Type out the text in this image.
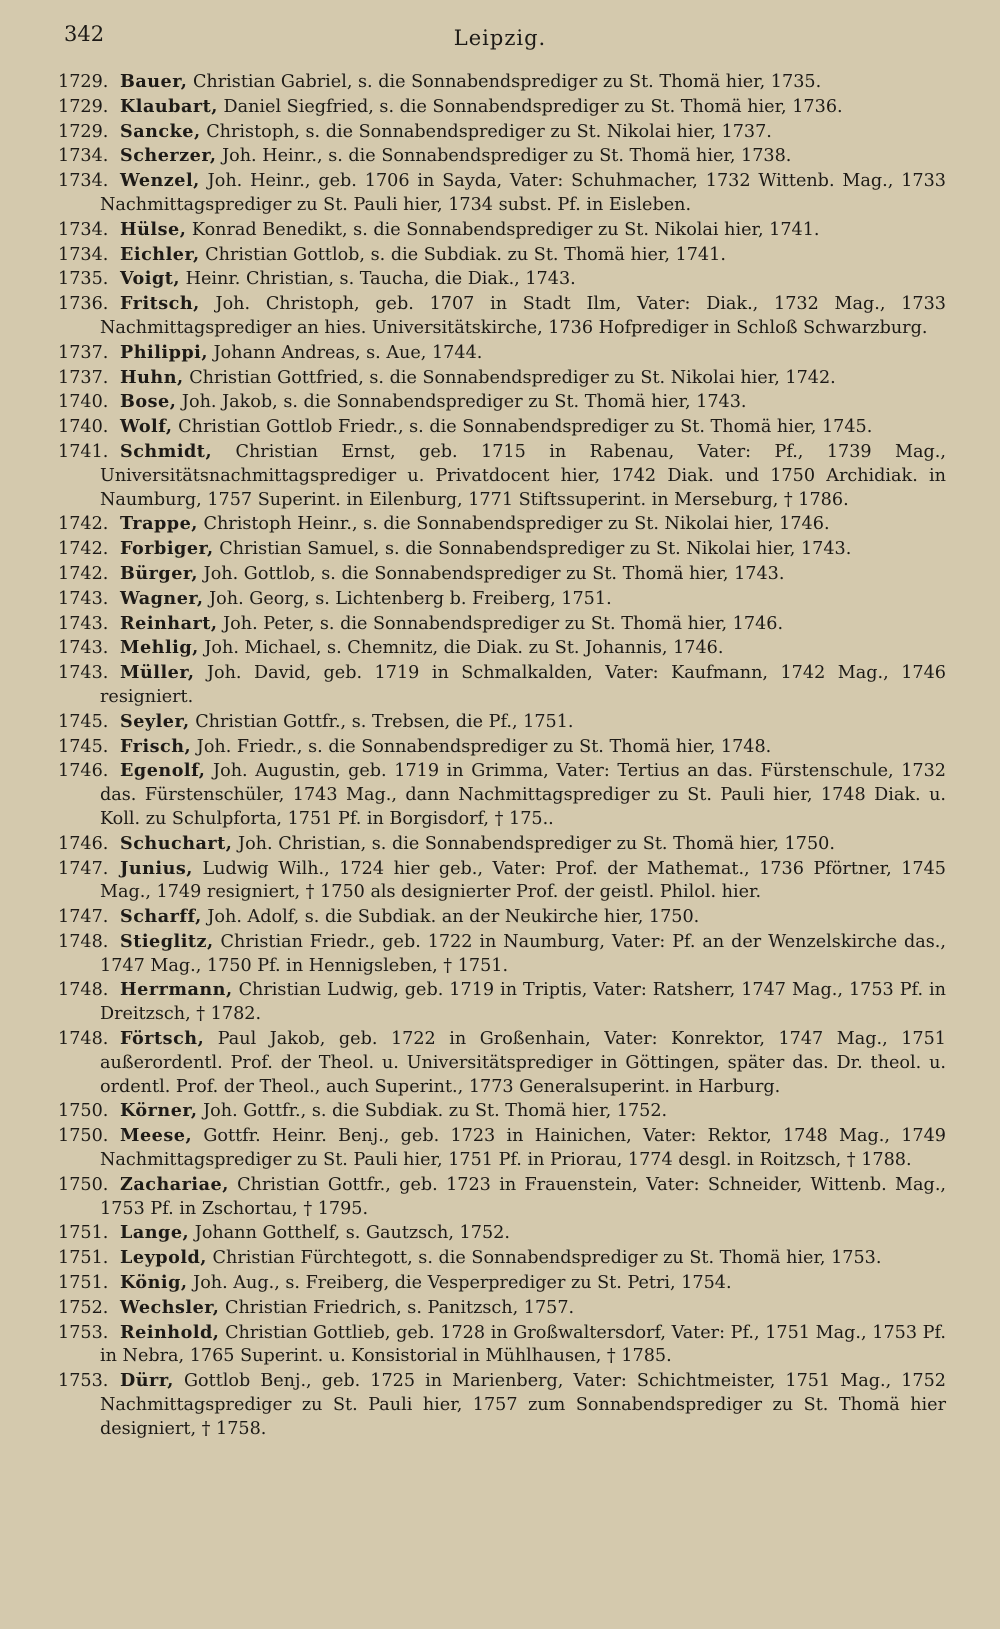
342	Leipzig.
1729. Bauer, Christian Gabriel, s. die Sonnabendsprediger zu St. Thomä hier, 1735.
1729. Klaubart, Daniel Siegfried, s. die Sonnabendsprediger zu St. Thomä hier, 1736.
1729. Sancke, Christoph, s. die Sonnabendsprediger zu St. Nikolai hier, 1737.
1734. Scherzer, Joh. Heinr., s. die Sonnabendsprediger zu St. Thomä hier, 1738.
1734. Wenzel, Joh. Heinr., geb. 1706 in Sayda, Vater: Schuhmacher, 1732 Wittenb. Mag., 1733 Nachmittagsprediger zu St. Pauli hier, 1734 subst. Pf. in Eisleben.
1734. Hülse, Konrad Benedikt, s. die Sonnabendsprediger zu St. Nikolai hier, 1741.
1734. Eichler, Christian Gottlob, s. die Subdiak. zu St. Thomä hier, 1741.
1735. Voigt, Heinr. Christian, s. Taucha, die Diak., 1743.
1736. Fritsch, Joh. Christoph, geb. 1707 in Stadt Ilm, Vater: Diak., 1732 Mag., 1733 Nachmittagsprediger an hies. Universitätskirche, 1736 Hofprediger in Schloß Schwarzburg.
1737. Philippi, Johann Andreas, s. Aue, 1744.
1737. Huhn, Christian Gottfried, s. die Sonnabendsprediger zu St. Nikolai hier, 1742.
1740. Bose, Joh. Jakob, s. die Sonnabendsprediger zu St. Thomä hier, 1743.
1740. Wolf, Christian Gottlob Friedr., s. die Sonnabendsprediger zu St. Thomä hier, 1745.
1741. Schmidt, Christian Ernst, geb. 1715 in Rabenau, Vater: Pf., 1739 Mag., Universitätsnachmittagsprediger u. Privatdocent hier, 1742 Diak. und 1750 Archidiak. in Naumburg, 1757 Superint. in Eilenburg, 1771 Stiftssuperint. in Merseburg, † 1786.
1742. Trappe, Christoph Heinr., s. die Sonnabendsprediger zu St. Nikolai hier, 1746.
1742. Forbiger, Christian Samuel, s. die Sonnabendsprediger zu St. Nikolai hier, 1743.
1742. Bürger, Joh. Gottlob, s. die Sonnabendsprediger zu St. Thomä hier, 1743.
1743. Wagner, Joh. Georg, s. Lichtenberg b. Freiberg, 1751.
1743. Reinhart, Joh. Peter, s. die Sonnabendsprediger zu St. Thomä hier, 1746.
1743. Mehlig, Joh. Michael, s. Chemnitz, die Diak. zu St. Johannis, 1746.
1743. Müller, Joh. David, geb. 1719 in Schmalkalden, Vater: Kaufmann, 1742 Mag., 1746 resigniert.
1745. Seyler, Christian Gottfr., s. Trebsen, die Pf., 1751.
1745. Frisch, Joh. Friedr., s. die Sonnabendsprediger zu St. Thomä hier, 1748.
1746. Egenolf, Joh. Augustin, geb. 1719 in Grimma, Vater: Tertius an das. Fürstenschule, 1732 das. Fürstenschüler, 1743 Mag., dann Nachmittagsprediger zu St. Pauli hier, 1748 Diak. u. Koll. zu Schulpforta, 1751 Pf. in Borgisdorf, † 175..
1746. Schuchart, Joh. Christian, s. die Sonnabendsprediger zu St. Thomä hier, 1750.
1747. Junius, Ludwig Wilh., 1724 hier geb., Vater: Prof. der Mathemat., 1736 Pförtner, 1745 Mag., 1749 resigniert, † 1750 als designierter Prof. der geistl. Philol. hier.
1747. Scharff, Joh. Adolf, s. die Subdiak. an der Neukirche hier, 1750.
1748. Stieglitz, Christian Friedr., geb. 1722 in Naumburg, Vater: Pf. an der Wenzelskirche das., 1747 Mag., 1750 Pf. in Hennigsleben, † 1751.
1748. Herrmann, Christian Ludwig, geb. 1719 in Triptis, Vater: Ratsherr, 1747 Mag., 1753 Pf. in Dreitzsch, † 1782.
1748. Förtsch, Paul Jakob, geb. 1722 in Großenhain, Vater: Konrektor, 1747 Mag., 1751 außerordentl. Prof. der Theol. u. Universitätsprediger in Göttingen, später das. Dr. theol. u. ordentl. Prof. der Theol., auch Superint., 1773 Generalsuperint. in Harburg.
1750. Körner, Joh. Gottfr., s. die Subdiak. zu St. Thomä hier, 1752.
1750. Meese, Gottfr. Heinr. Benj., geb. 1723 in Hainichen, Vater: Rektor, 1748 Mag., 1749 Nachmittagsprediger zu St. Pauli hier, 1751 Pf. in Priorau, 1774 desgl. in Roitzsch, † 1788.
1750. Zachariae, Christian Gottfr., geb. 1723 in Frauenstein, Vater: Schneider, Wittenb. Mag., 1753 Pf. in Zschortau, † 1795.
1751. Lange, Johann Gotthelf, s. Gautzsch, 1752.
1751. Leypold, Christian Fürchtegott, s. die Sonnabendsprediger zu St. Thomä hier, 1753.
1751. König, Joh. Aug., s. Freiberg, die Vesperprediger zu St. Petri, 1754.
1752. Wechsler, Christian Friedrich, s. Panitzsch, 1757.
1753. Reinhold, Christian Gottlieb, geb. 1728 in Großwaltersdorf, Vater: Pf., 1751 Mag., 1753 Pf. in Nebra, 1765 Superint. u. Konsistorial in Mühlhausen, † 1785.
1753. Dürr, Gottlob Benj., geb. 1725 in Marienberg, Vater: Schichtmeister, 1751 Mag., 1752 Nachmittagsprediger zu St. Pauli hier, 1757 zum Sonnabendsprediger zu St. Thomä hier designiert, † 1758.
